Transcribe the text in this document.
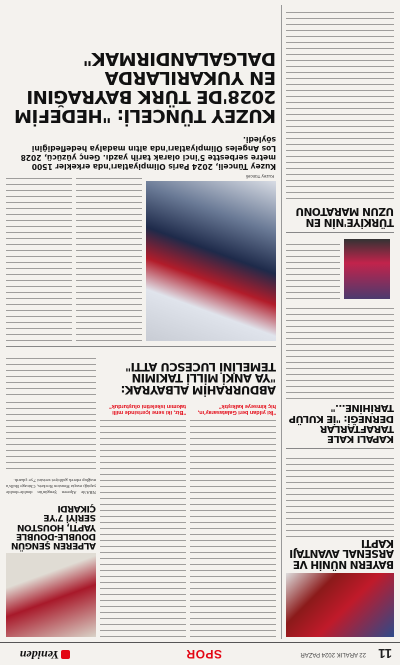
11
22 ARALIK 2024 PAZAR
SPOR
Yeniden
BAYERN NÜNİH VE ARSENAL AVANTAJI KAPTI
KAPALI KALE TARAFTARLAR DERNEĞİ: "İE KULÜP TARİHİNE..."
TÜRKİYE'NİN EN UZUN MARATONU
"İki yıldan beri Galatasaray'ın, hiç kimseye kalkıştık"
"Biz, iki sene içerisinde milli takımın iskeletini oluşturduk"
ALPEREN ŞENGÜN DOUBLE-DOUBLE YAPTI, HOUSTON SERİYİ 7'YE ÇIKARDI
NBA'de Alperen Şengün'ün double-double yaptığı maçta Houston Rockets, Chicago Bulls'u mağlup ederek galibiyet serisini 7'ye çıkardı.
ABDURRAHİM ALBAYRAK: "YA ANKİ MİLLİ TAKIMIN TEMELİNİ LUCESCU ATTI"
Kuzey Tünceli
Kuzey Tünceli, 2024 Paris Olimpiyatları'nda erkekler 1500 metre serbestte 5'inci olarak tarih yazdı. Genç yüzücü, 2028 Los Angeles Olimpiyatları'nda altın madalya hedeflediğini söyledi.
KUZEY TÜNCELİ: "HEDEFİM 2028'DE TÜRK BAYRAĞINI EN YUKARILARDA DALGALANDIRMAK"
